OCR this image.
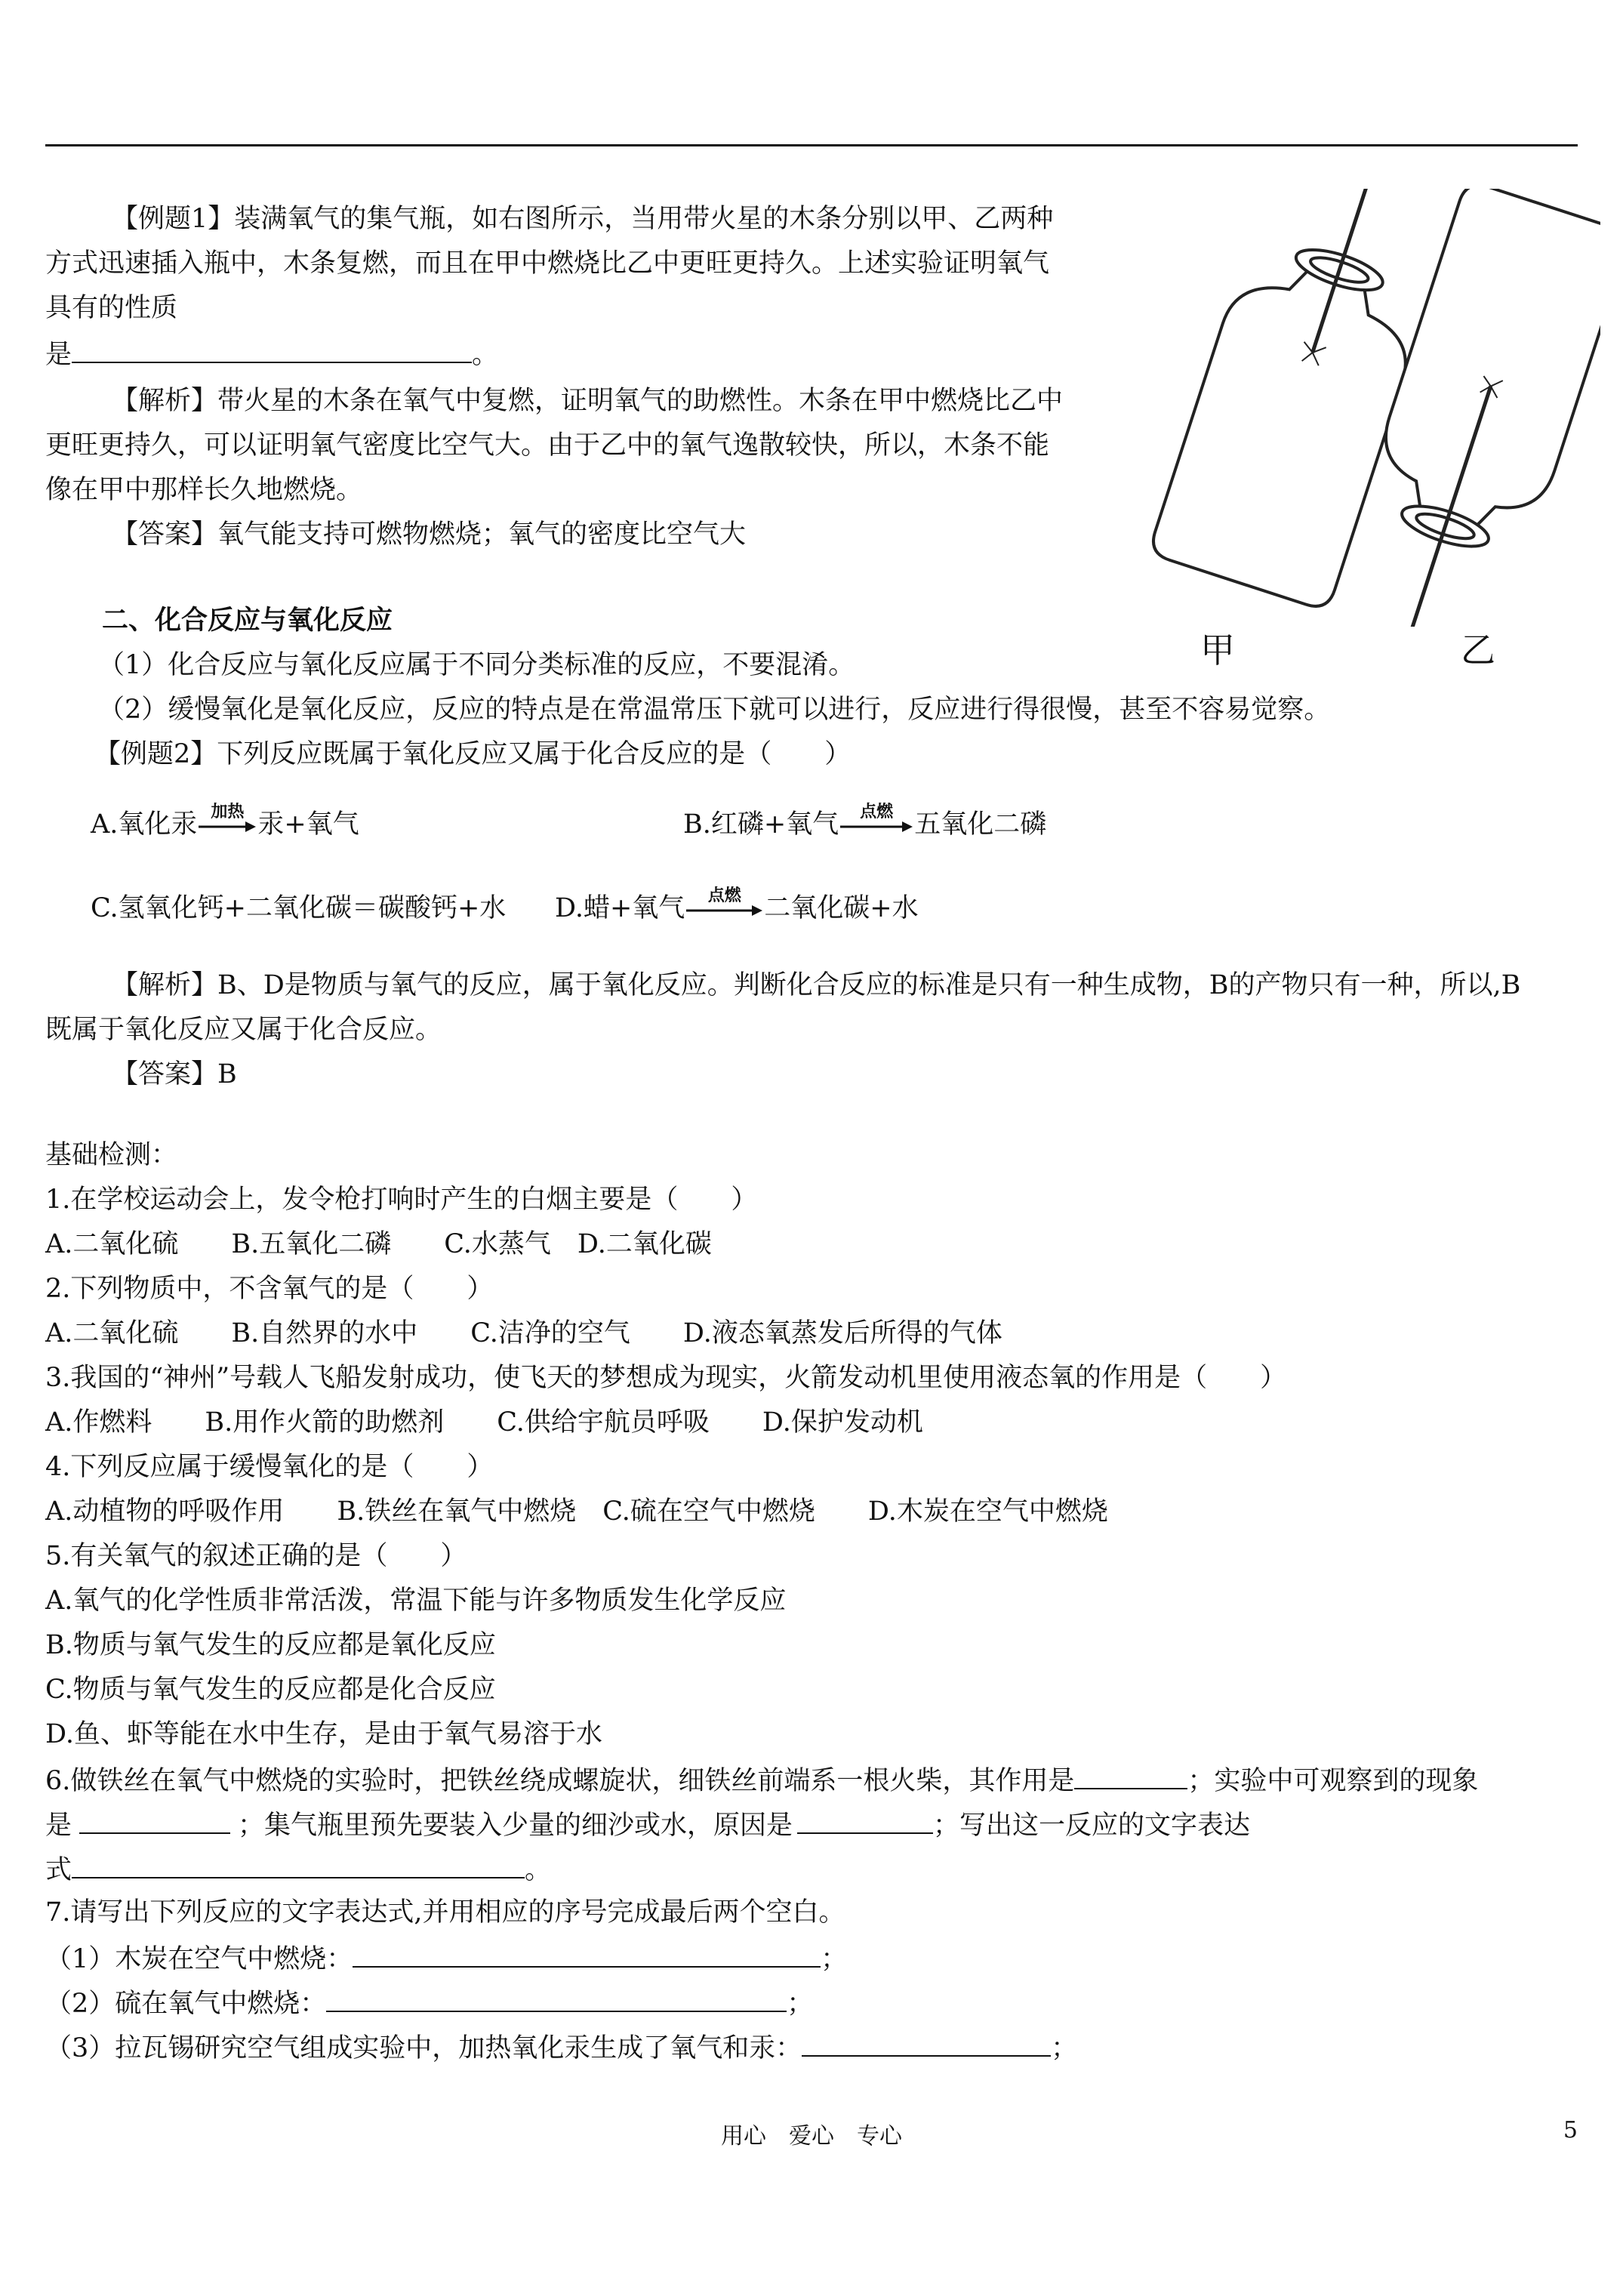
【例题1】装满氧气的集气瓶，如右图所示，当用带火星的木条分别以甲、乙两种
方式迅速插入瓶中，木条复燃，而且在甲中燃烧比乙中更旺更持久。上述实验证明氧气
具有的性质
是	。
【解析】带火星的木条在氧气中复燃，证明氧气的助燃性。木条在甲中燃烧比乙中
更旺更持久，可以证明氧气密度比空气大。由于乙中的氧气逸散较快，所以，木条不能
像在甲中那样长久地燃烧。
【答案】氧气能支持可燃物燃烧；氧气的密度比空气大
甲	乙
二、化合反应与氧化反应
（1）化合反应与氧化反应属于不同分类标准的反应，不要混淆。
（2）缓慢氧化是氧化反应，反应的特点是在常温常压下就可以进行，反应进行得很慢，甚至不容易觉察。
【例题2】下列反应既属于氧化反应又属于化合反应的是（　　）
A.氧化汞 加热 汞+氧气	B.红磷+氧气	点燃 五氧化二磷
C.氢氧化钙+二氧化碳＝碳酸钙+水 D.蜡+氧气	点燃 二氧化碳+水
【解析】B、D是物质与氧气的反应，属于氧化反应。判断化合反应的标准是只有一种生成物，B的产物只有一种，所以,B
既属于氧化反应又属于化合反应。
【答案】B
基础检测：
1.在学校运动会上，发令枪打响时产生的白烟主要是（　　）
A.二氧化硫　　B.五氧化二磷　　C.水蒸气　D.二氧化碳
2.下列物质中，不含氧气的是（　　）
A.二氧化硫　　B.自然界的水中　　C.洁净的空气　　D.液态氧蒸发后所得的气体
3.我国的“神州”号载人飞船发射成功，使飞天的梦想成为现实，火箭发动机里使用液态氧的作用是（　　）
A.作燃料　　B.用作火箭的助燃剂　　C.供给宇航员呼吸　　D.保护发动机
4.下列反应属于缓慢氧化的是（　　）
A.动植物的呼吸作用　　B.铁丝在氧气中燃烧　C.硫在空气中燃烧　　D.木炭在空气中燃烧
5.有关氧气的叙述正确的是（　　）
A.氧气的化学性质非常活泼，常温下能与许多物质发生化学反应
B.物质与氧气发生的反应都是氧化反应
C.物质与氧气发生的反应都是化合反应
D.鱼、虾等能在水中生存，是由于氧气易溶于水
6.做铁丝在氧气中燃烧的实验时，把铁丝绕成螺旋状，细铁丝前端系一根火柴，其作用是	；实验中可观察到的现象
是	；集气瓶里预先要装入少量的细沙或水，原因是	；写出这一反应的文字表达
式	。
7.请写出下列反应的文字表达式,并用相应的序号完成最后两个空白。
（1）木炭在空气中燃烧：	；
（2）硫在氧气中燃烧：	；
（3）拉瓦锡研究空气组成实验中，加热氧化汞生成了氧气和汞：	；
用心　爱心　专心	5
